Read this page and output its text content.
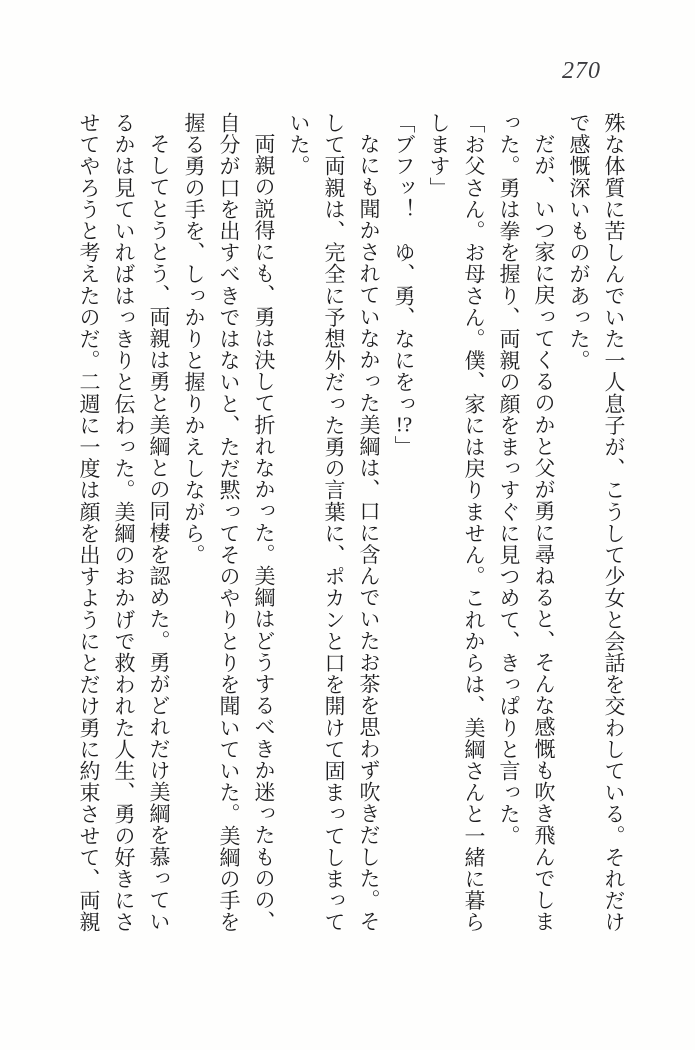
270

殊な体質に苦しんでいた一人息子が、こうして少女と会話を交わしている。それだけで感慨深いものがあった。

だが、いつ家に戻ってくるのかと父が勇に尋ねると、そんな感慨も吹き飛んでしまった。勇は拳を握り、両親の顔をまっすぐに見つめて、きっぱりと言った。

「お父さん。お母さん。僕、家には戻りません。これからは、美綱さんと一緒に暮らします」

「ブフッ！　ゆ、勇、なにをっ!?」

なにも聞かされていなかった美綱は、口に含んでいたお茶を思わず吹きだした。そして両親は、完全に予想外だった勇の言葉に、ポカンと口を開けて固まってしまっていた。

両親の説得にも、勇は決して折れなかった。美綱はどうするべきか迷ったものの、自分が口を出すべきではないと、ただ黙ってそのやりとりを聞いていた。美綱の手を握る勇の手を、しっかりと握りかえしながら。

そしてとうとう、両親は勇と美綱との同棲を認めた。勇がどれだけ美綱を慕っているかは見ていればはっきりと伝わった。美綱のおかげで救われた人生、勇の好きにさせてやろうと考えたのだ。二週に一度は顔を出すようにとだけ勇に約束させて、両親
